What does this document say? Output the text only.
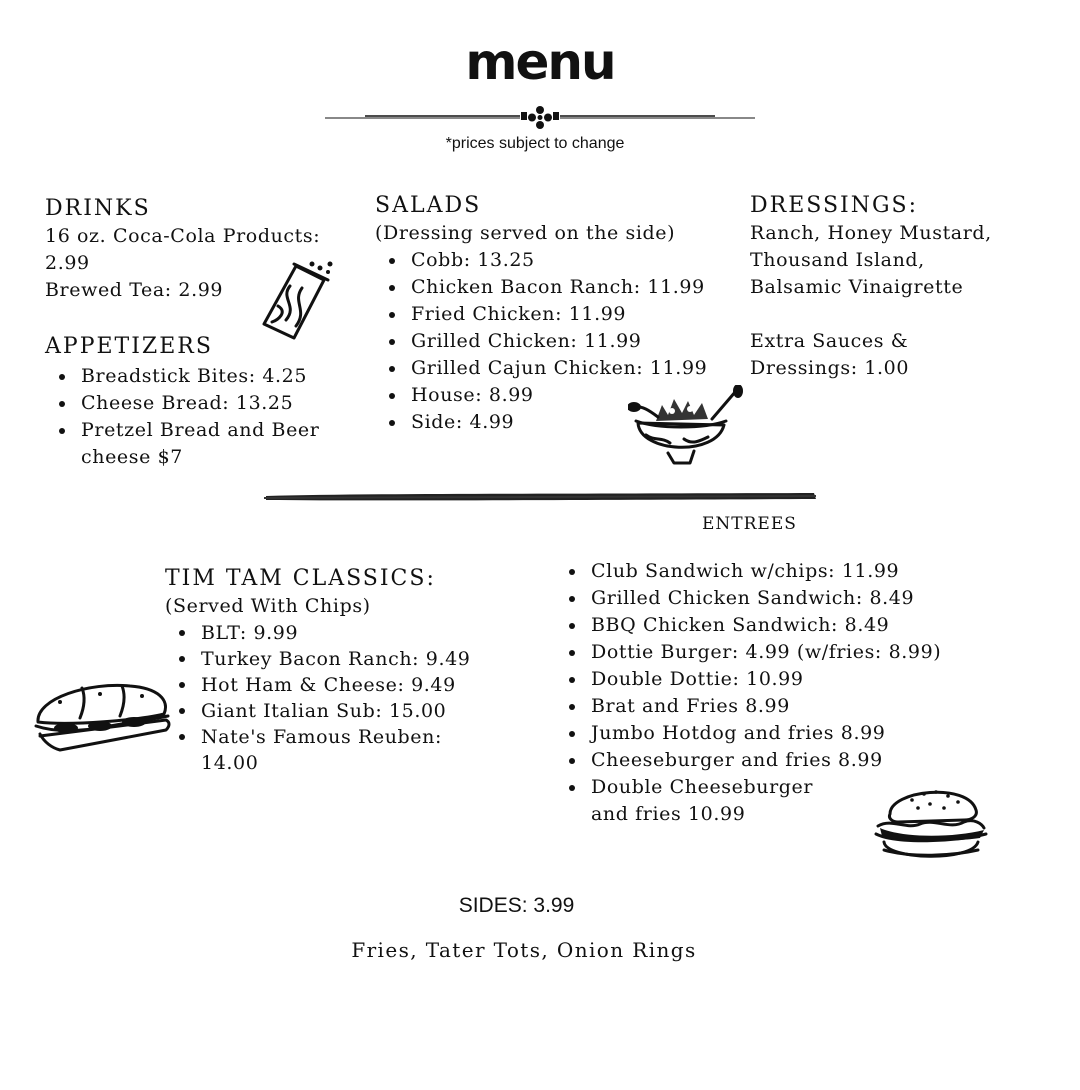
menu
*prices subject to change
DRINKS
16 oz. Coca-Cola Products:
2.99
Brewed Tea: 2.99
APPETIZERS
Breadstick Bites: 4.25
Cheese Bread: 13.25
Pretzel Bread and Beer cheese $7
SALADS
(Dressing served on the side)
Cobb: 13.25
Chicken Bacon Ranch: 11.99
Fried Chicken: 11.99
Grilled Chicken: 11.99
Grilled Cajun Chicken: 11.99
House: 8.99
Side: 4.99
DRESSINGS:
Ranch, Honey Mustard,
Thousand Island,
Balsamic Vinaigrette
Extra Sauces &
Dressings: 1.00
ENTREES
TIM TAM CLASSICS:
(Served With Chips)
BLT: 9.99
Turkey Bacon Ranch: 9.49
Hot Ham & Cheese: 9.49
Giant Italian Sub: 15.00
Nate's Famous Reuben: 14.00
Club Sandwich w/chips: 11.99
Grilled Chicken Sandwich: 8.49
BBQ Chicken Sandwich: 8.49
Dottie Burger: 4.99 (w/fries: 8.99)
Double Dottie: 10.99
Brat and Fries 8.99
Jumbo Hotdog and fries 8.99
Cheeseburger and fries 8.99
Double Cheeseburger and fries 10.99
SIDES: 3.99
Fries, Tater Tots, Onion Rings
